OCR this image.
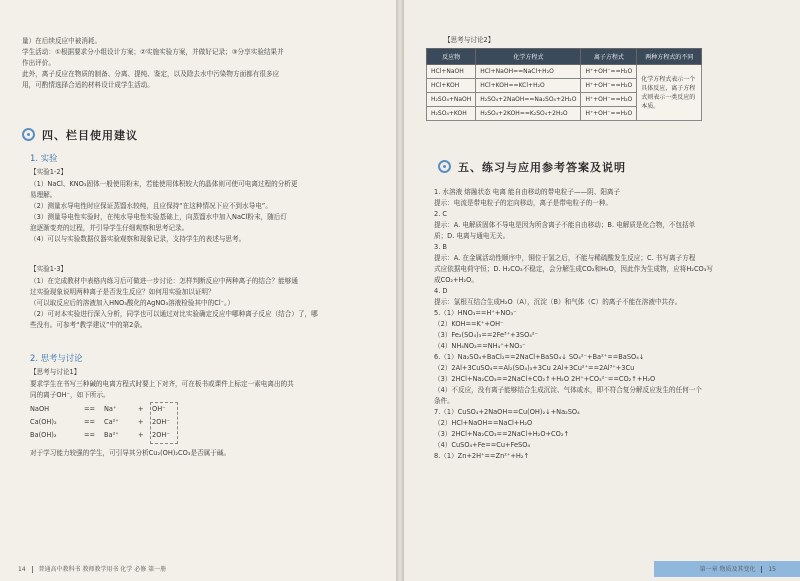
量）在后续反应中被消耗。
学生活动：①根据要求分小组设计方案；②实施实验方案，并做好记录；③分享实验结果并
作出评价。
此外，离子反应在物质的制备、分离、提纯、鉴定，以及除去水中污染物方面都有很多应
用，可酌情选择合适的材料设计成学生活动。
四、栏目使用建议
1. 实验
【实验1-2】
（1）NaCl、KNO₃固体一般使用粉末，若能使用体积较大的晶体则可使可电离过程的分析更
易理解。
（2）测量水导电性时应保证蒸馏水较纯，且应保持“在这种情况下应不到水导电”。
（3）测量导电性实验时，在纯水导电性实验基础上，向蒸馏水中加入NaCl粉末，随后灯
泡逐渐变亮的过程，并引导学生仔细观察和思考记录。
（4）可以与实验数据仪器实验观察和现象记录，支持学生的表述与思考。
【实验1-3】
（1）在完成教材中表格内练习后可做进一步讨论：怎样判断反应中两种离子的结合？能够通
过实验现象说明两种离子是否发生反应？如何用实验加以证明？
（可以取反应后的溶液加入HNO₃酸化的AgNO₃溶液检验其中的Cl⁻。）
（2）可对本实验进行深入分析，同学也可以通过对比实验确定反应中哪种离子反应（结合）了，哪
些没有。可参考“教学建议”中的第2条。
2. 思考与讨论
【思考与讨论1】
要求学生在书写三种碱的电离方程式时要上下对齐，可在板书或课件上标定一素电离出的共
同的离子OH⁻，如下所示。
NaOH	== Na⁺	+ OH⁻
Ca(OH)₂	== Ca²⁺	+ 2OH⁻
Ba(OH)₂	== Ba²⁺	+ 2OH⁻
对于学习能力较强的学生，可引导其分析Cu₂(OH)₂CO₃是否属于碱。
14 普通高中教科书 教师教学用书 化学 必修 第一册
【思考与讨论2】
反应物	化学方程式	离子方程式	两种方程式的不同
HCl+NaOH	HCl+NaOH==NaCl+H₂O	H⁺+OH⁻==H₂O	化学方程式表示一个具体反应，离子方程式则表示一类反应的本质。
HCl+KOH	HCl+KOH==KCl+H₂O	H⁺+OH⁻==H₂O	
H₂SO₄+NaOH	H₂SO₄+2NaOH==Na₂SO₄+2H₂O	H⁺+OH⁻==H₂O	
H₂SO₄+KOH	H₂SO₄+2KOH==K₂SO₄+2H₂O	H⁺+OH⁻==H₂O	
五、练习与应用参考答案及说明
1. 水溶液 熔融状态 电离 能自由移动的带电粒子——阴、阳离子
提示：电流是带电粒子的定向移动，离子是带电粒子的一种。
2. C
提示：A. 电解质固体不导电是因为所含离子不能自由移动；B. 电解质是化合物，不包括单
质；D. 电离与通电无关。
3. B
提示：A. 在金属活动性顺序中，铜位于氢之后，不能与稀硫酸发生反应；C. 书写离子方程
式应依据电荷守恒；D. H₂CO₃不稳定，会分解生成CO₂和H₂O，因此作为生成物，应将H₂CO₃写
成CO₂+H₂O。
4. D
提示：氯根互结合生成H₂O（A），沉淀（B）和气体（C）的离子不能在溶液中共存。
5.（1）HNO₃==H⁺+NO₃⁻
（2）KOH==K⁺+OH⁻
（3）Fe₂(SO₄)₃==2Fe³⁺+3SO₄²⁻
（4）NH₄NO₃==NH₄⁺+NO₃⁻
6.（1）Na₂SO₄+BaCl₂==2NaCl+BaSO₄↓ SO₄²⁻+Ba²⁺==BaSO₄↓
（2）2Al+3CuSO₄==Al₂(SO₄)₃+3Cu 2Al+3Cu²⁺==2Al³⁺+3Cu
（3）2HCl+Na₂CO₃==2NaCl+CO₂↑+H₂O 2H⁺+CO₃²⁻==CO₂↑+H₂O
（4）不反应，没有离子能够结合生成沉淀、气体或水，即不符合复分解反应发生的任何一个
条件。
7.（1）CuSO₄+2NaOH==Cu(OH)₂↓+Na₂SO₄
（2）HCl+NaOH==NaCl+H₂O
（3）2HCl+Na₂CO₃==2NaCl+H₂O+CO₂↑
（4）CuSO₄+Fe==Cu+FeSO₄
8.（1）Zn+2H⁺==Zn²⁺+H₂↑
第一章 物质及其变化 15
